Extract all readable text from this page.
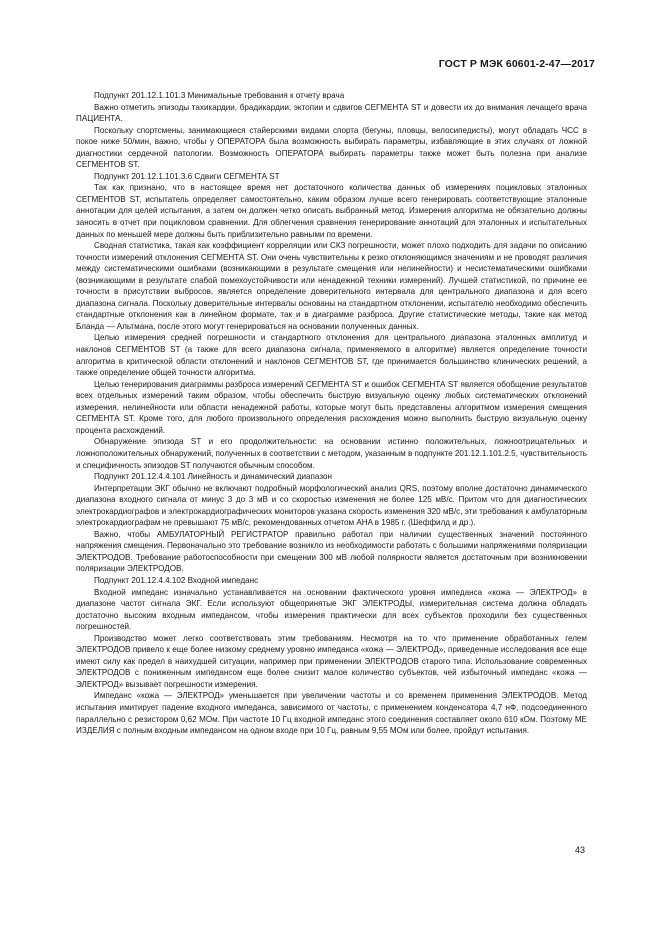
ГОСТ Р МЭК 60601-2-47—2017

Подпункт 201.12.1.101.3 Минимальные требования к отчету врача

Важно отметить эпизоды тахикардии, брадикардии, эктопии и сдвигов СЕГМЕНТА ST и довести их до внимания лечащего врача ПАЦИЕНТА.

Поскольку спортсмены, занимающиеся стайерскими видами спорта (бегуны, пловцы, велосипедисты), могут обладать ЧСС в покое ниже 50/мин, важно, чтобы у ОПЕРАТОРА была возможность выбирать параметры, избавляющие в этих случаях от ложной диагностики сердечной патологии. Возможность ОПЕРАТОРА выбирать параметры также может быть полезна при анализе СЕГМЕНТОВ ST.

Подпункт 201.12.1.101.3.6 Сдвиги СЕГМЕНТА ST

Так как признано, что в настоящее время нет достаточного количества данных об измерениях поцикловых эталонных СЕГМЕНТОВ ST, испытатель определяет самостоятельно, каким образом лучше всего генерировать соответствующие эталонные аннотации для целей испытания, а затем он должен четко описать выбранный метод. Измерения алгоритма не обязательно должны заносить в отчет при поцикловом сравнении. Для облегчения сравнения генерирование аннотаций для эталонных и испытательных данных по меньшей мере должны быть приблизительно равными по времени.

Сводная статистика, такая как коэффициент корреляции или СКЗ погрешности, может плохо подходить для задачи по описанию точности измерений отклонения СЕГМЕНТА ST. Они очень чувствительны к резко отклоняющимся значениям и не проводят различия между систематическими ошибками (возникающими в результате смещения или нелинейности) и несистематическими ошибками (возникающими в результате слабой помехоустойчивости или ненадежной техники измерений). Лучшей статистикой, по причине ее точности в присутствии выбросов, является определение доверительного интервала для центрального диапазона и для всего диапазона сигнала. Поскольку доверительные интервалы основаны на стандартном отклонении, испытателю необходимо обеспечить стандартные отклонения как в линейном формате, так и в диаграмме разброса. Другие статистические методы, такие как метод Бланда — Альтмана, после этого могут генерироваться на основании полученных данных.

Целью измерения средней погрешности и стандартного отклонения для центрального диапазона эталонных амплитуд и наклонов СЕГМЕНТОВ ST (а также для всего диапазона сигнала, применяемого в алгоритме) является определение точности алгоритма в критической области отклонений и наклонов СЕГМЕНТОВ ST, где принимается большинство клинических решений, а также определение общей точности алгоритма.

Целью генерирования диаграммы разброса измерений СЕГМЕНТА ST и ошибок СЕГМЕНТА ST является обобщение результатов всех отдельных измерений таким образом, чтобы обеспечить быструю визуальную оценку любых систематических отклонений измерения, нелинейности или области ненадежной работы, которые могут быть представлены алгоритмом измерения смещения СЕГМЕНТА ST. Кроме того, для любого произвольного определения расхождения можно выполнить быструю визуальную оценку процента расхождений.

Обнаружение эпизода ST и его продолжительности: на основании истинно положительных, ложноотрицательных и ложноположительных обнаружений, полученных в соответствии с методом, указанным в подпункте 201.12.1.101.2.5, чувствительность и специфичность эпизодов ST получаются обычным способом.

Подпункт 201.12.4.4.101 Линейность и динамический диапазон

Интерпретации ЭКГ обычно не включают подробный морфологический анализ QRS, поэтому вполне достаточно динамического диапазона входного сигнала от минус 3 до 3 мВ и со скоростью изменения не более 125 мВ/с. Притом что для диагностических электрокардиографов и электрокардиографических мониторов указана скорость изменения 320 мВ/с, эти требования к амбулаторным электрокардиографам не превышают 75 мВ/с, рекомендованных отчетом AHA в 1985 г. (Шеффилд и др.).

Важно, чтобы АМБУЛАТОРНЫЙ РЕГИСТРАТОР правильно работал при наличии существенных значений постоянного напряжения смещения. Первоначально это требование возникло из необходимости работать с большими напряжениями поляризации ЭЛЕКТРОДОВ. Требование работоспособности при смещении 300 мВ любой полярности является достаточным при возникновении поляризации ЭЛЕКТРОДОВ.

Подпункт 201.12.4.4.102 Входной импеданс

Входной импеданс изначально устанавливается на основании фактического уровня импеданса «кожа — ЭЛЕКТРОД» в диапазоне частот сигнала ЭКГ. Если используют общепринятые ЭКГ ЭЛЕКТРОДЫ, измерительная система должна обладать достаточно высоким входным импедансом, чтобы измерения практически для всех субъектов проходили без существенных погрешностей.

Производство может легко соответствовать этим требованиям. Несмотря на то что применение обработанных гелем ЭЛЕКТРОДОВ привело к еще более низкому среднему уровню импеданса «кожа — ЭЛЕКТРОД», приведенные исследования все еще имеют силу как предел в наихудшей ситуации, например при применении ЭЛЕКТРОДОВ старого типа. Использование современных ЭЛЕКТРОДОВ с пониженным импедансом еще более снизит малое количество субъектов, чей избыточный импеданс «кожа — ЭЛЕКТРОД» вызывает погрешности измерения.

Импеданс «кожа — ЭЛЕКТРОД» уменьшается при увеличении частоты и со временем применения ЭЛЕКТРОДОВ. Метод испытания имитирует падение входного импеданса, зависимого от частоты, с применением конденсатора 4,7 нФ, подсоединенного параллельно с резистором 0,62 МОм. При частоте 10 Гц входной импеданс этого соединения составляет около 610 кОм. Поэтому МЕ ИЗДЕЛИЯ с полным входным импедансом на одном входе при 10 Гц, равным 9,55 МОм или более, пройдут испытания.

43
